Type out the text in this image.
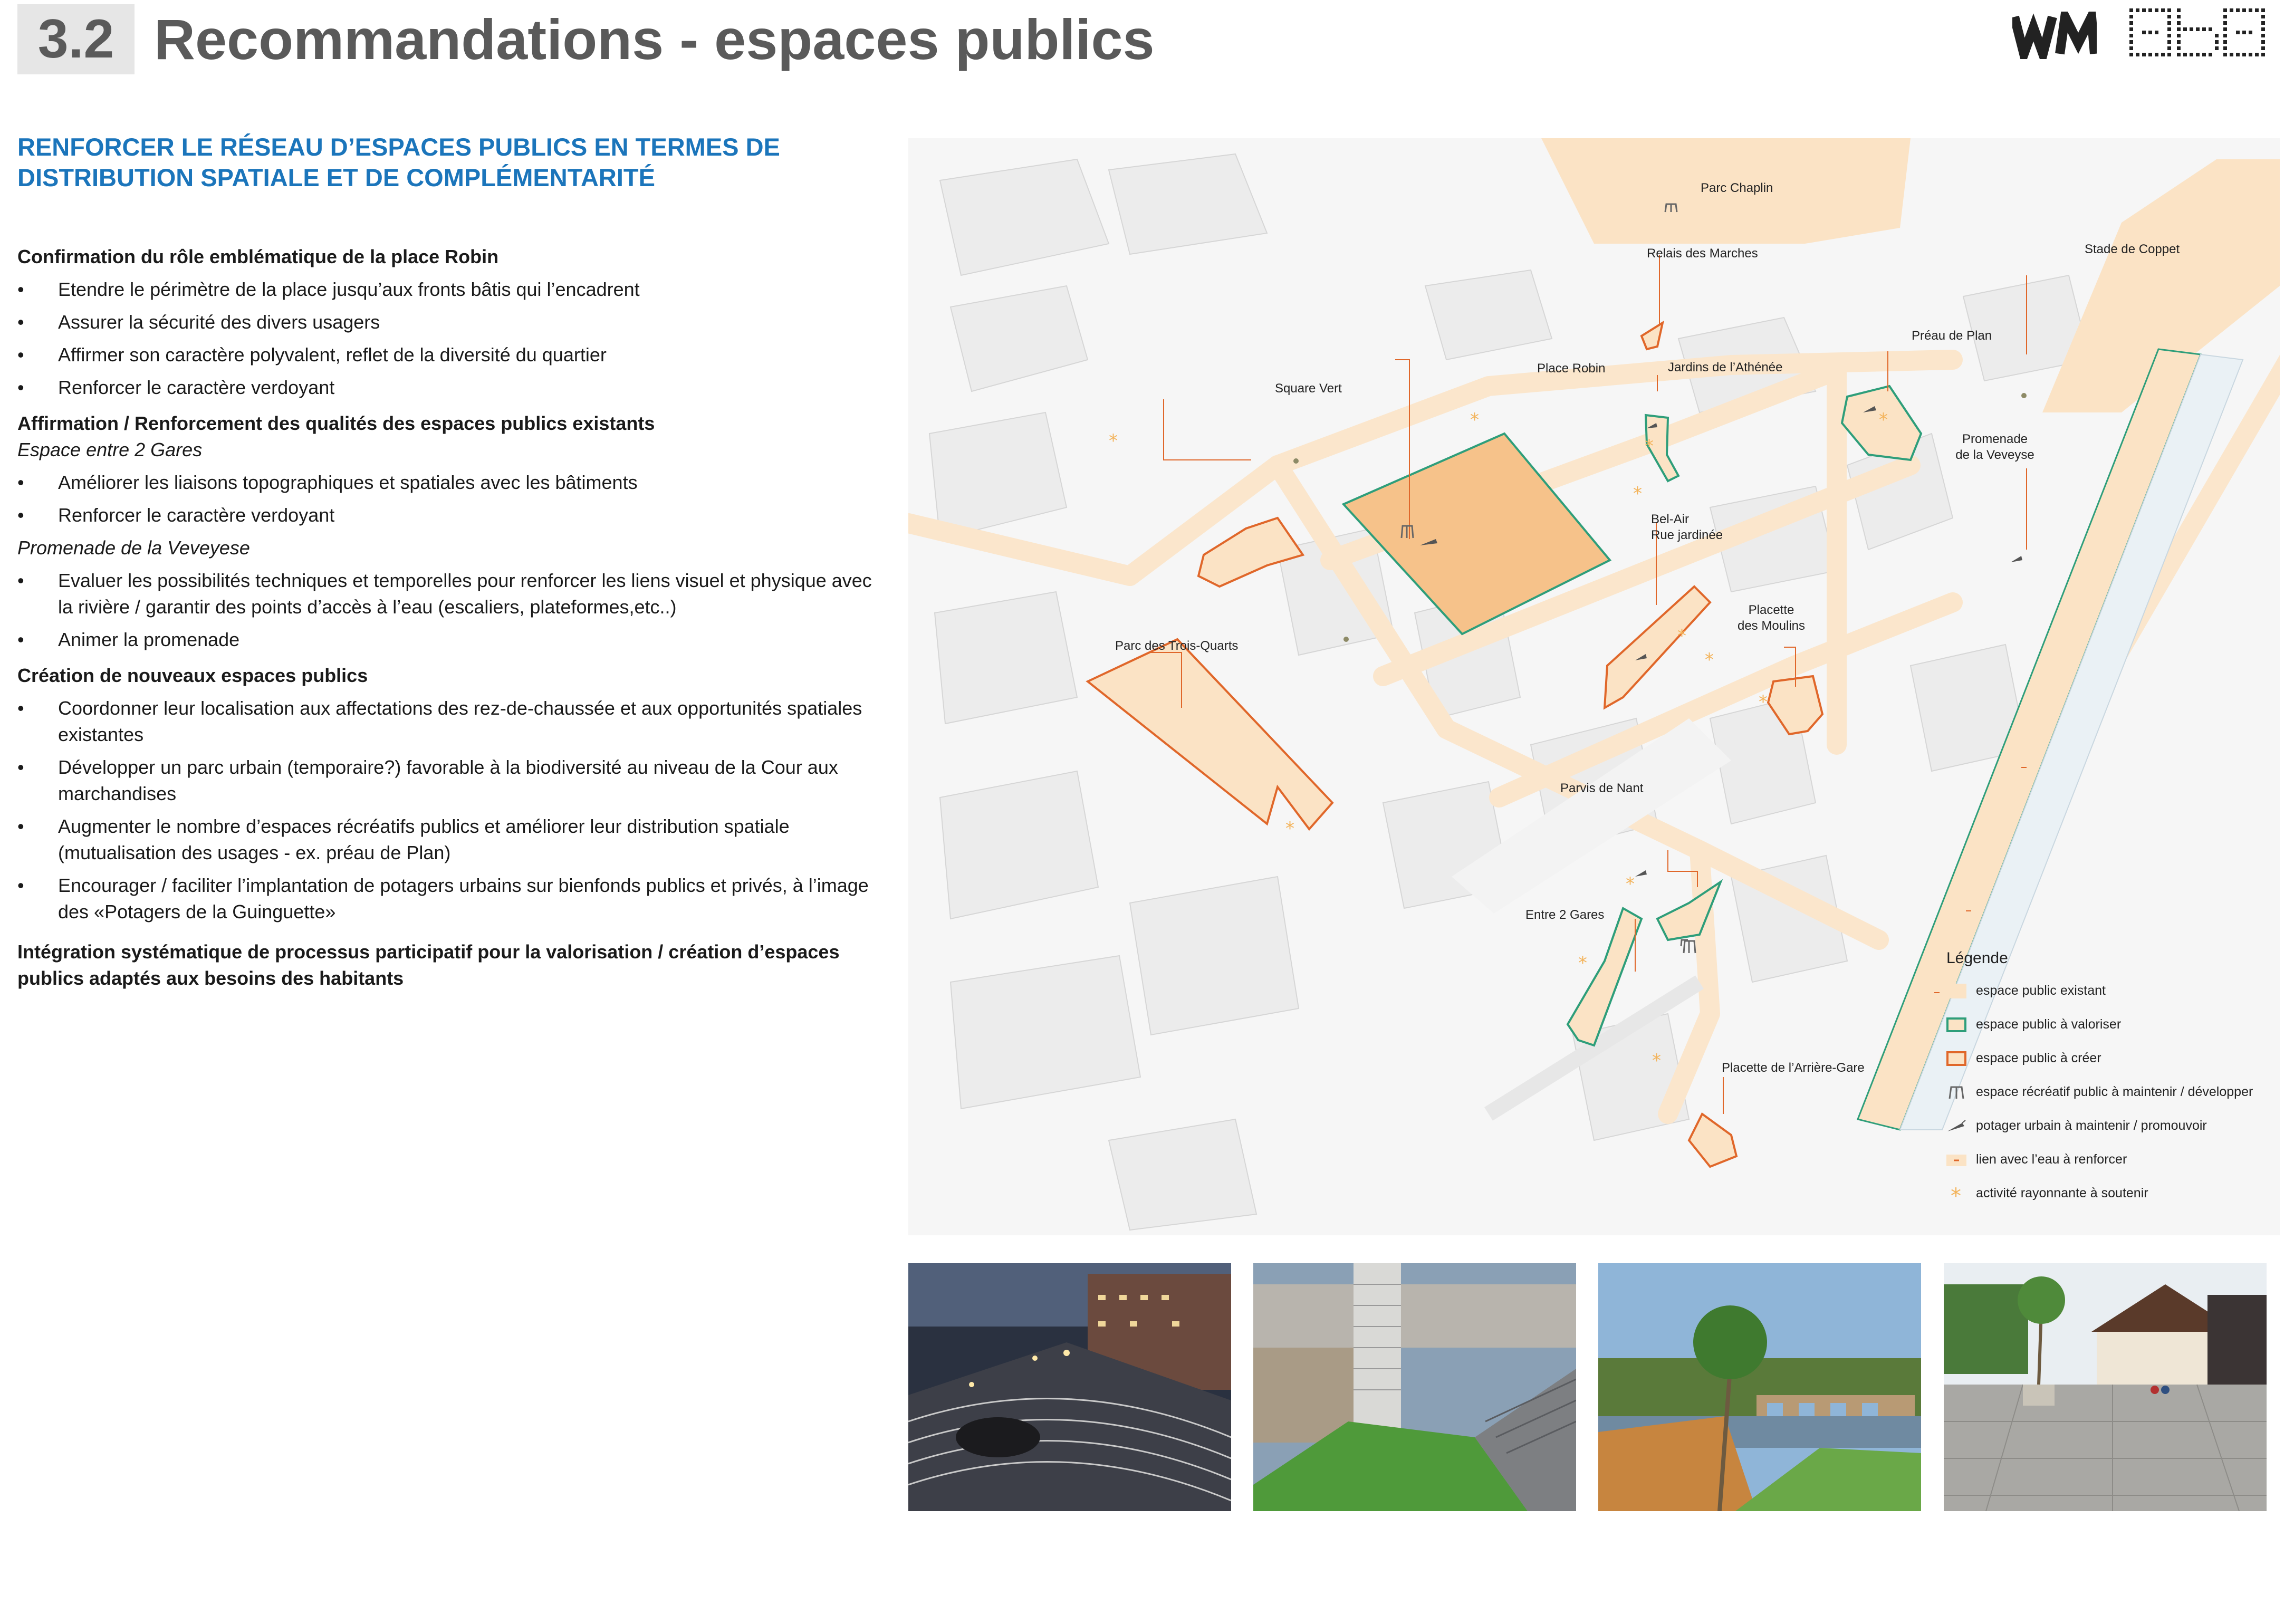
3.2 Recommandations - espaces publics
RENFORCER LE RÉSEAU D’ESPACES PUBLICS EN TERMES DE
DISTRIBUTION SPATIALE ET DE COMPLÉMENTARITÉ

Confirmation du rôle emblématique de la place Robin

• Etendre le périmètre de la place jusqu’aux fronts bâtis qui l’encadrent

• Assurer la sécurité des divers usagers

• Affirmer son caractère polyvalent, reflet de la diversité du quartier

• Renforcer le caractère verdoyant

Affirmation / Renforcement des qualités des espaces publics existants

Espace entre 2 Gares

• Améliorer les liaisons topographiques et spatiales avec les bâtiments

• Renforcer le caractère verdoyant

Promenade de la Veveyese

• Evaluer les possibilités techniques et temporelles pour renforcer les liens visuel et physique avec la rivière / garantir des points d’accès à l’eau (escaliers, plateformes,etc..)

• Animer la promenade

Création de nouveaux espaces publics

• Coordonner leur localisation aux affectations des rez-de-chaussée et aux opportunités spatiales existantes

• Développer un parc urbain (temporaire?) favorable à la biodiversité au niveau de la Cour aux marchandises

• Augmenter le nombre d’espaces récréatifs publics et améliorer leur distribution spatiale (mutualisation des usages - ex. préau de Plan)

• Encourager / faciliter l’implantation de potagers urbains sur bienfonds publics et privés, à l’image des «Potagers de la Guinguette»

Intégration systématique de processus participatif pour la valorisation / création d’espaces publics adaptés aux besoins des habitants

*
*
*
*
*
*
*
*
*
*
*
*
Parc Chaplin
Relais des Marches	Stade de Coppet
Préau de Plan
Place Robin	Jardins de l’Athénée
Square Vert
Promenade
de la Veveyse
Bel-Air
Rue jardinée
Placette
des Moulins
Parc des Trois-Quarts
Parvis de Nant
Entre 2 Gares
Placette de l’Arrière-Gare
Légende
espace public existant
espace public à valoriser
espace public à créer
espace récréatif public à maintenir / développer
potager urbain à maintenir / promouvoir
lien avec l’eau à renforcer
* activité rayonnante à soutenir
